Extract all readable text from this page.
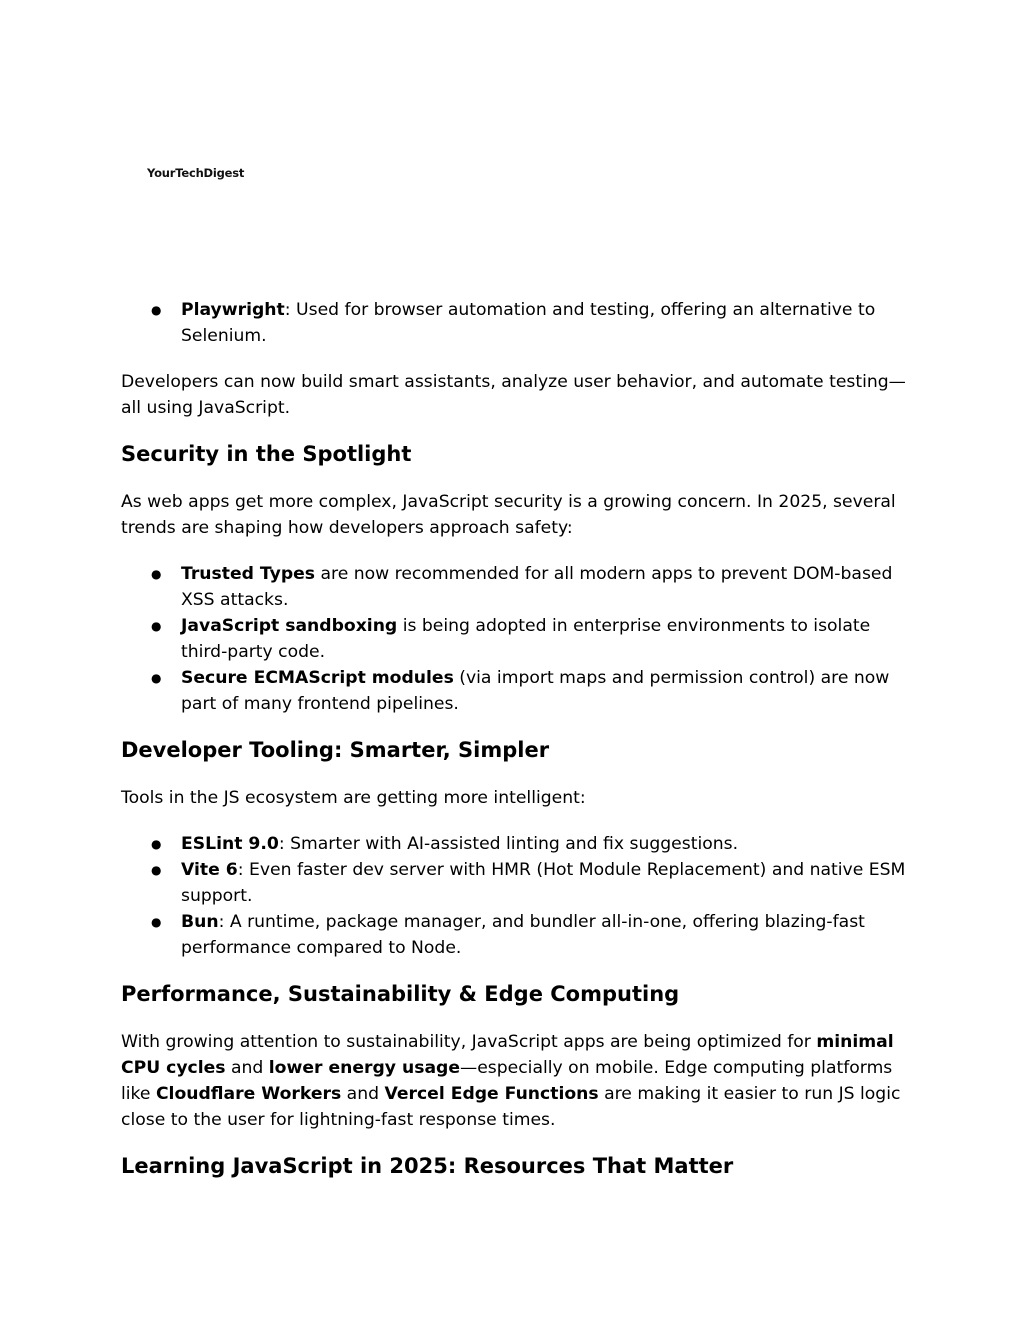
YourTechDigest
● Playwright: Used for browser automation and testing, offering an alternative to Selenium.

Developers can now build smart assistants, analyze user behavior, and automate testing—all using JavaScript.

Security in the Spotlight

As web apps get more complex, JavaScript security is a growing concern. In 2025, several trends are shaping how developers approach safety:

● Trusted Types are now recommended for all modern apps to prevent DOM-based XSS attacks.
● JavaScript sandboxing is being adopted in enterprise environments to isolate third-party code.
● Secure ECMAScript modules (via import maps and permission control) are now part of many frontend pipelines.
Developer Tooling: Smarter, Simpler

Tools in the JS ecosystem are getting more intelligent:

● ESLint 9.0: Smarter with AI-assisted linting and fix suggestions.
● Vite 6: Even faster dev server with HMR (Hot Module Replacement) and native ESM support.
● Bun: A runtime, package manager, and bundler all-in-one, offering blazing-fast performance compared to Node.
Performance, Sustainability & Edge Computing

With growing attention to sustainability, JavaScript apps are being optimized for minimal CPU cycles and lower energy usage—especially on mobile. Edge computing platforms like Cloudflare Workers and Vercel Edge Functions are making it easier to run JS logic close to the user for lightning-fast response times.

Learning JavaScript in 2025: Resources That Matter
